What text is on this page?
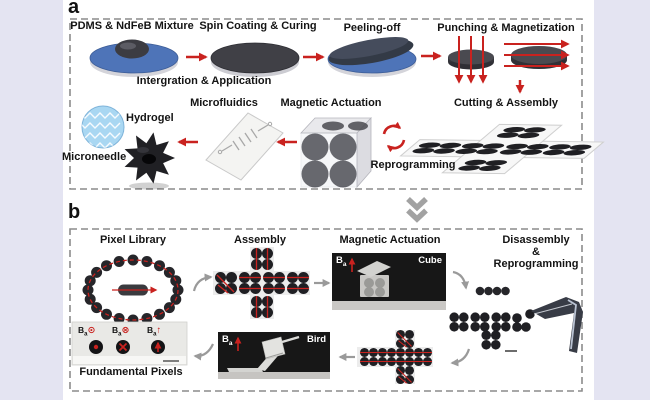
a
PDMS & NdFeB Mixture Spin Coating & Curing	Peeling-off	Punching & Magnetization
Intergration & Application
Microfluidics	Magnetic Actuation	Cutting & Assembly
Hydrogel
Microneedle
Reprogramming
b
Pixel Library	Assembly	Magnetic Actuation	Disassembly
&
Reprogramming
Fundamental Pixels
$B_a$	Cube
$B_a$	Bird
$B_a⊙$ $B_a\otimes$ $B_a↑$
